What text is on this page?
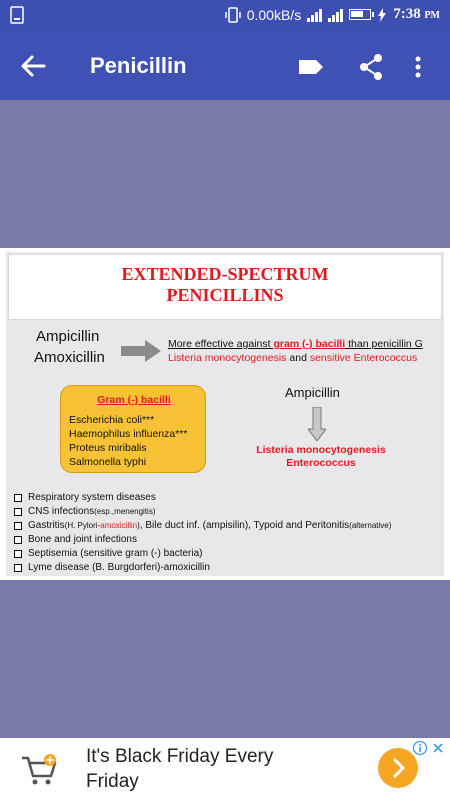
0.00kB/s	7:38 PM
Penicillin
EXTENDED-SPECTRUM
PENICILLINS
Ampicillin
Amoxicillin
More effective against gram (-) bacilli than penicillin G
Listeria monocytogenesis and sensitive Enterococcus
Gram (-) bacilli
Escherichia coli***
Haemophilus influenza***
Proteus miribalis
Salmonella typhi
Ampicillin
Listeria monocytogenesis
Enterococcus
Respiratory system diseases
CNS infections (esp.,menengitis)
Gastritis (H. Pylori- amoxicillin ) , Bile duct inf. (ampisilin), Typoid and Peritonitis (alternative)
Bone and joint infections
Septisemia (sensitive gram (-) bacteria)
Lyme disease (B. Burgdorferi)-amoxicillin
It's Black Friday Every
Friday
